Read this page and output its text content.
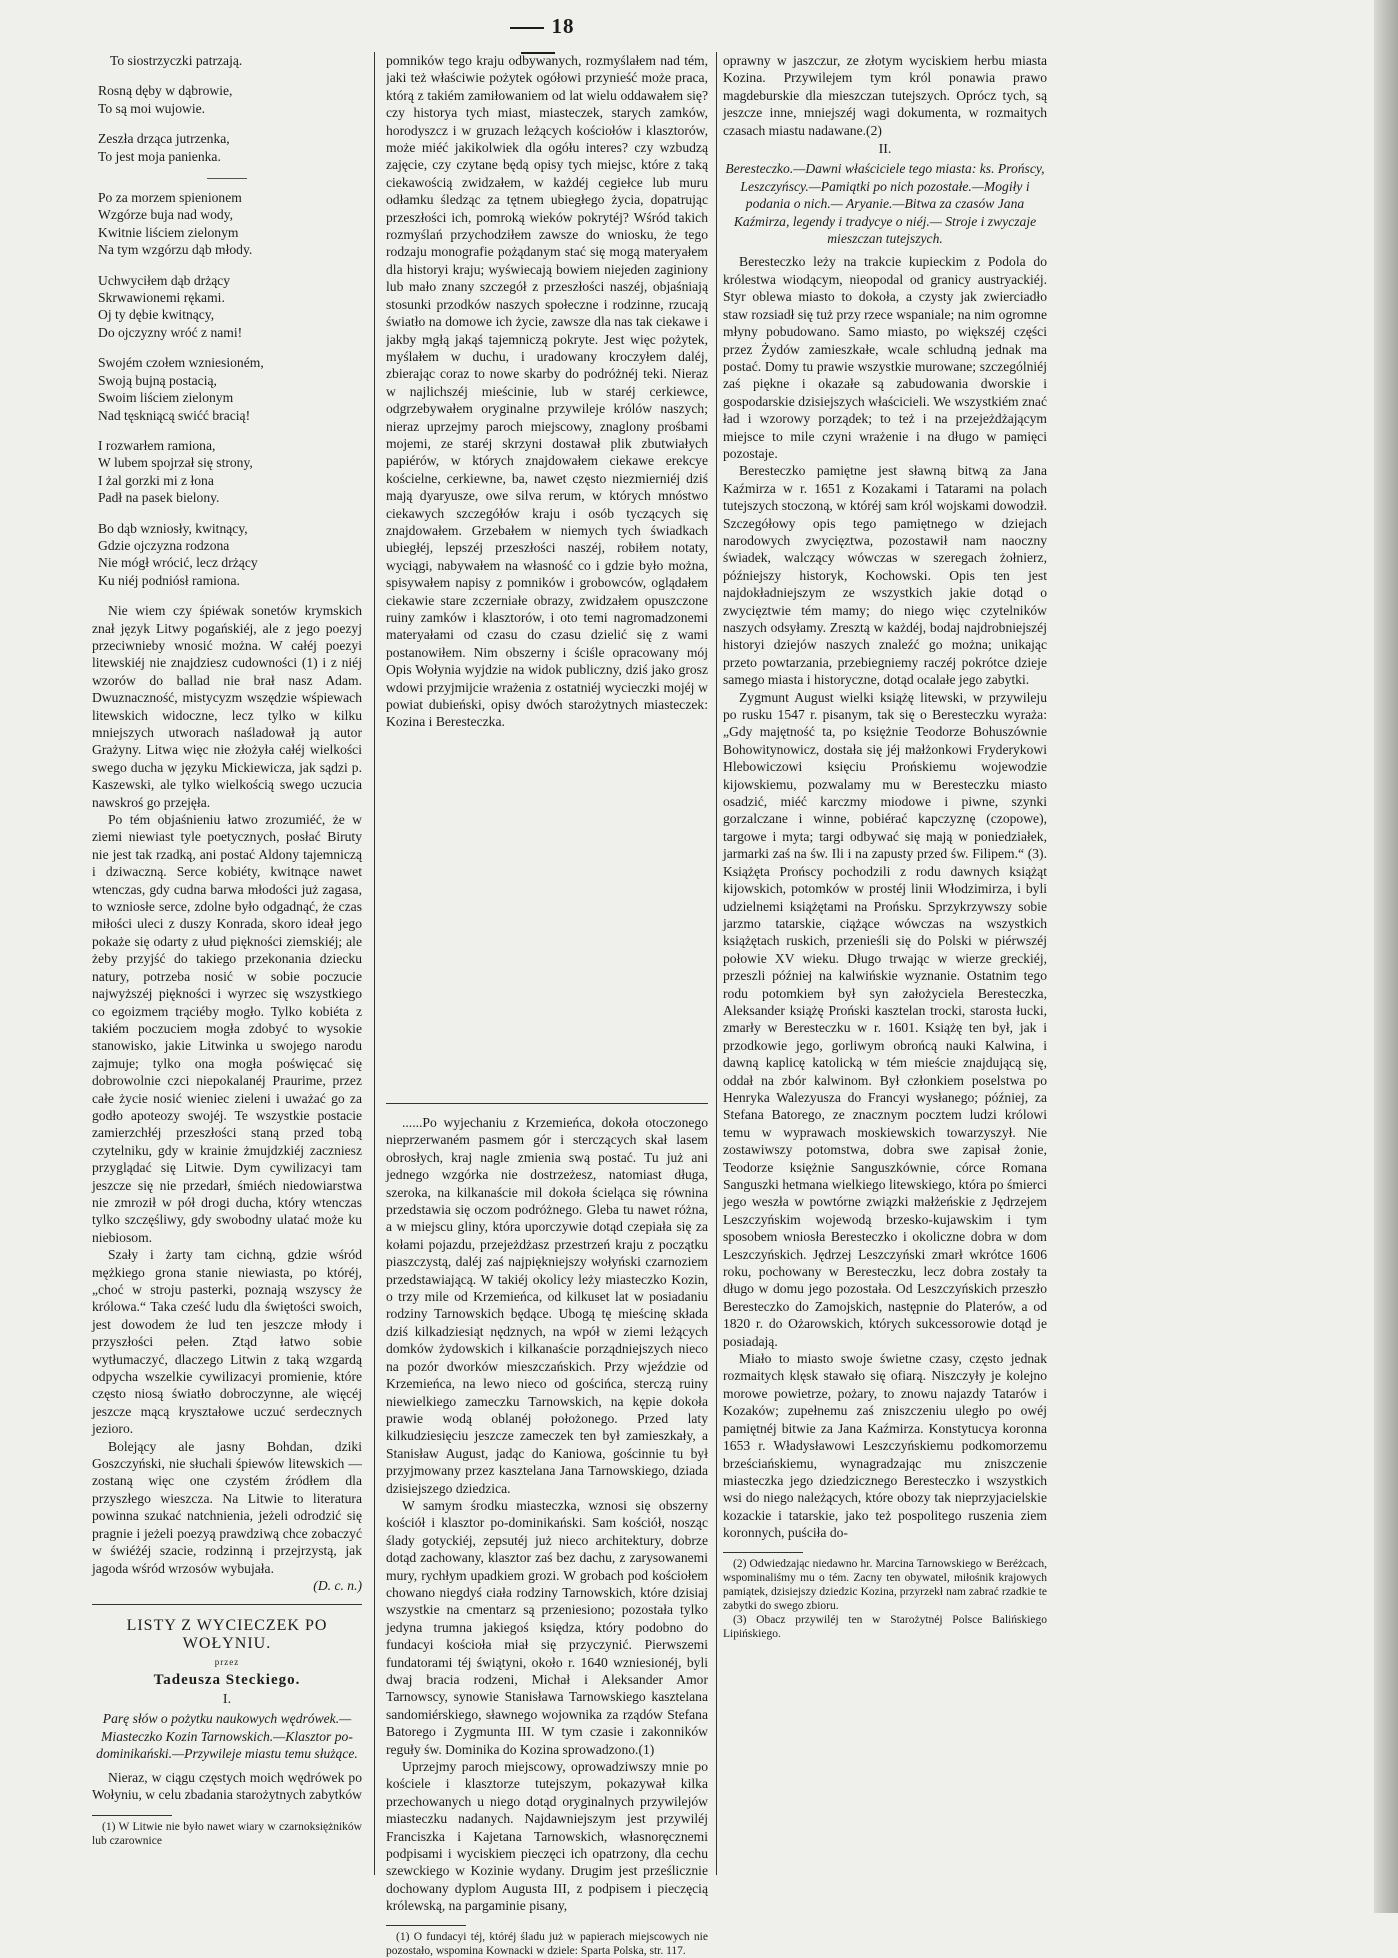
18
To siostrzyczki patrzają.
Rosną dęby w dąbrowie,
To są moi wujowie.
Zeszła drząca jutrzenka,
To jest moja panienka.
Po za morzem spienionem
Wzgórze buja nad wody,
Kwitnie liściem zielonym
Na tym wzgórzu dąb młody.
Uchwyciłem dąb drżący
Skrwawionemi rękami.
Oj ty dębie kwitnący,
Do ojczyzny wróć z nami!
Swojém czołem wzniesioném,
Swoją bujną postacią,
Swoim liściem zielonym
Nad tęskniącą swićć bracią!
I rozwarłem ramiona,
W lubem spojrzał się strony,
I żal gorzki mi z łona
Padł na pasek bielony.
Bo dąb wzniosły, kwitnący,
Gdzie ojczyzna rodzona
Nie mógł wrócić, lecz drżący
Ku niéj podniósł ramiona.

Nie wiem czy śpiéwak sonetów krymskich znał język Litwy pogańskiéj, ale z jego poezyj przeciwnieby wnosić można. W całéj poezyi litewskiéj nie znajdziesz cudowności (1) i z niéj wzorów do ballad nie brał nasz Adam. Dwuznaczność, mistycyzm wszędzie wśpiewach litewskich widoczne, lecz tylko w kilku mniejszych utworach naśladował ją autor Grażyny. Litwa więc nie złożyła całéj wielkości swego ducha w języku Mickiewicza, jak sądzi p. Kaszewski, ale tylko wielkością swego uczucia nawskroś go przejęła.

Po tém objaśnieniu łatwo zrozumiéć, że w ziemi niewiast tyle poetycznych, posłać Biruty nie jest tak rzadką, ani postać Aldony tajemniczą i dziwaczną. Serce kobiéty, kwitnące nawet wtenczas, gdy cudna barwa młodości już zagasa, to wzniosłe serce, zdolne było odgadnąć, że czas miłości uleci z duszy Konrada, skoro ideał jego pokaże się odarty z ułud piękności ziemskiéj; ale żeby przyjść do takiego przekonania dziecku natury, potrzeba nosić w sobie poczucie najwyższéj piękności i wyrzec się wszystkiego co egoizmem trąciéby mogło. Tylko kobiéta z takiém poczuciem mogła zdobyć to wysokie stanowisko, jakie Litwinka u swojego narodu zajmuje; tylko ona mogła poświęcać się dobrowolnie czci niepokalanéj Praurime, przez całe życie nosić wieniec zieleni i uważać go za godło apoteozy swojéj. Te wszystkie postacie zamierzchłéj przeszłości staną przed tobą czytelniku, gdy w krainie żmujdzkiéj zaczniesz przyglądać się Litwie. Dym cywilizacyi tam jeszcze się nie przedarł, śmiéch niedowiarstwa nie zmroził w pół drogi ducha, który wtenczas tylko szczęśliwy, gdy swobodny ulatać może ku niebiosom.

Szały i żarty tam cichną, gdzie wśród mężkiego grona stanie niewiasta, po któréj, „choć w stroju pasterki, poznają wszyscy że królowa.“ Taka cześć ludu dla świętości swoich, jest dowodem że lud ten jeszcze młody i przyszłości pełen. Ztąd łatwo sobie wytłumaczyć, dlaczego Litwin z taką wzgardą odpycha wszelkie cywilizacyi promienie, które często niosą światło dobroczynne, ale więcéj jeszcze mącą kryształowe uczuć serdecznych jezioro.

Bolejący ale jasny Bohdan, dziki Goszczyński, nie słuchali śpiewów litewskich — zostaną więc one czystém źródłem dla przyszłego wieszcza. Na Litwie to literatura powinna szukać natchnienia, jeżeli odrodzić się pragnie i jeżeli poezyą prawdziwą chce zobaczyć w świéżéj szacie, rodzinną i przejrzystą, jak jagoda wśród wrzosów wybujała.

(D. c. n.)
LISTY Z WYCIECZEK PO WOŁYNIU.
przez
Tadeusza Steckiego.
I.
Parę słów o pożytku naukowych wędrówek.—Miasteczko Kozin Tarnowskich.—Klasztor po-dominikański.—Przywileje miastu temu służące.

Nieraz, w ciągu częstych moich wędrówek po Wołyniu, w celu zbadania starożytnych zabytków

(1) W Litwie nie było nawet wiary w czarnoksiężników lub czarownice

pomników tego kraju odbywanych, rozmyślałem nad tém, jaki też właściwie pożytek ogółowi przynieść może praca, którą z takiém zamiłowaniem od lat wielu oddawałem się? czy historya tych miast, miasteczek, starych zamków, horodyszcz i w gruzach leżących kościołów i klasztorów, może miéć jakikolwiek dla ogółu interes? czy wzbudzą zajęcie, czy czytane będą opisy tych miejsc, które z taką ciekawością zwidzałem, w każdéj cegiełce lub muru odłamku śledząc za tętnem ubiegłego życia, dopatrując przeszłości ich, pomroką wieków pokrytéj? Wśród takich rozmyślań przychodziłem zawsze do wniosku, że tego rodzaju monografie pożądanym stać się mogą materyałem dla historyi kraju; wyświecają bowiem niejeden zaginiony lub mało znany szczegół z przeszłości naszéj, objaśniają stosunki przodków naszych społeczne i rodzinne, rzucają światło na domowe ich życie, zawsze dla nas tak ciekawe i jakby mgłą jakąś tajemniczą pokryte. Jest więc pożytek, myślałem w duchu, i uradowany kroczyłem daléj, zbierając coraz to nowe skarby do podróżnéj teki. Nieraz w najlichszéj mieścinie, lub w staréj cerkiewce, odgrzebywałem oryginalne przywileje królów naszych; nieraz uprzejmy paroch miejscowy, znaglony prośbami mojemi, ze staréj skrzyni dostawał plik zbutwiałych papiérów, w których znajdowałem ciekawe erekcye kościelne, cerkiewne, ba, nawet często niezmierniéj dziś mają dyaryusze, owe silva rerum, w których mnóstwo ciekawych szczegółów kraju i osób tyczących się znajdowałem. Grzebałem w niemych tych świadkach ubiegłéj, lepszéj przeszłości naszéj, robiłem notaty, wyciągi, nabywałem na własność co i gdzie było można, spisywałem napisy z pomników i grobowców, oglądałem ciekawie stare zczerniałe obrazy, zwidzałem opuszczone ruiny zamków i klasztorów, i oto temi nagromadzonemi materyałami od czasu do czasu dzielić się z wami postanowiłem. Nim obszerny i ściśle opracowany mój Opis Wołynia wyjdzie na widok publiczny, dziś jako grosz wdowi przyjmijcie wrażenia z ostatniéj wycieczki mojéj w powiat dubieński, opisy dwóch starożytnych miasteczek: Kozina i Beresteczka.

......Po wyjechaniu z Krzemieńca, dokoła otoczonego nieprzerwaném pasmem gór i sterczących skał lasem obrosłych, kraj nagle zmienia swą postać. Tu już ani jednego wzgórka nie dostrzeżesz, natomiast długa, szeroka, na kilkanaście mil dokoła ścieląca się równina przedstawia się oczom podróżnego. Gleba tu nawet różna, a w miejscu gliny, która uporczywie dotąd czepiała się za kołami pojazdu, przejeżdżasz przestrzeń kraju z początku piaszczystą, daléj zaś najpiękniejszy wołyński czarnoziem przedstawiającą. W takiéj okolicy leży miasteczko Kozin, o trzy mile od Krzemieńca, od kilkuset lat w posiadaniu rodziny Tarnowskich będące. Ubogą tę mieścinę składa dziś kilkadziesiąt nędznych, na wpół w ziemi leżących domków żydowskich i kilkanaście porządniejszych nieco na pozór dworków mieszczańskich. Przy wjeździe od Krzemieńca, na lewo nieco od gościńca, sterczą ruiny niewielkiego zameczku Tarnowskich, na kępie dokoła prawie wodą oblanéj położonego. Przed laty kilkudziesięciu jeszcze zameczek ten był zamieszkały, a Stanisław August, jadąc do Kaniowa, gościnnie tu był przyjmowany przez kasztelana Jana Tarnowskiego, dziada dzisiejszego dziedzica.

W samym środku miasteczka, wznosi się obszerny kościół i klasztor po-dominikański. Sam kościół, nosząc ślady gotyckiéj, zepsutéj już nieco architektury, dobrze dotąd zachowany, klasztor zaś bez dachu, z zarysowanemi mury, rychłym upadkiem grozi. W grobach pod kościołem chowano niegdyś ciała rodziny Tarnowskich, które dzisiaj wszystkie na cmentarz są przeniesiono; pozostała tylko jedyna trumna jakiegoś księdza, który podobno do fundacyi kościoła miał się przyczynić. Pierwszemi fundatorami téj świątyni, około r. 1640 wzniesionéj, byli dwaj bracia rodzeni, Michał i Aleksander Amor Tarnowscy, synowie Stanisława Tarnowskiego kasztelana sandomiérskiego, sławnego wojownika za rządów Stefana Batorego i Zygmunta III. W tym czasie i zakonników reguły św. Dominika do Kozina sprowadzono.(1)

Uprzejmy paroch miejscowy, oprowadziwszy mnie po kościele i klasztorze tutejszym, pokazywał kilka przechowanych u niego dotąd oryginalnych przywilejów miasteczku nadanych. Najdawniejszym jest przywiléj Franciszka i Kajetana Tarnowskich, własnoręcznemi podpisami i wyciskiem pieczęci ich opatrzony, dla cechu szewckiego w Kozinie wydany. Drugim jest prześlicznie dochowany dyplom Augusta III, z podpisem i pieczęcią królewską, na pargaminie pisany,

(1) O fundacyi téj, któréj śladu już w papierach miejscowych nie pozostało, wspomina Kownacki w dziele: Sparta Polska, str. 117.

oprawny w jaszczur, ze złotym wyciskiem herbu miasta Kozina. Przywilejem tym król ponawia prawo magdeburskie dla mieszczan tutejszych. Oprócz tych, są jeszcze inne, mniejszéj wagi dokumenta, w rozmaitych czasach miastu nadawane.(2)

II.
Beresteczko.—Dawni właściciele tego miasta: ks. Prońscy, Leszczyńscy.—Pamiątki po nich pozostałe.—Mogiły i podania o nich.— Aryanie.—Bitwa za czasów Jana Kaźmirza, legendy i tradycye o niéj.— Stroje i zwyczaje mieszczan tutejszych.

Beresteczko leży na trakcie kupieckim z Podola do królestwa wiodącym, nieopodal od granicy austryackiéj. Styr oblewa miasto to dokoła, a czysty jak zwierciadło staw rozsiadł się tuż przy rzece wspaniale; na nim ogromne młyny pobudowano. Samo miasto, po większéj części przez Żydów zamieszkałe, wcale schludną jednak ma postać. Domy tu prawie wszystkie murowane; szczególniéj zaś piękne i okazałe są zabudowania dworskie i gospodarskie dzisiejszych właścicieli. We wszystkiém znać ład i wzorowy porządek; to też i na przejeżdżającym miejsce to mile czyni wrażenie i na długo w pamięci pozostaje.

Beresteczko pamiętne jest sławną bitwą za Jana Kaźmirza w r. 1651 z Kozakami i Tatarami na polach tutejszych stoczoną, w któréj sam król wojskami dowodził. Szczegółowy opis tego pamiętnego w dziejach narodowych zwycięztwa, pozostawił nam naoczny świadek, walczący wówczas w szeregach żołnierz, późniejszy historyk, Kochowski. Opis ten jest najdokładniejszym ze wszystkich jakie dotąd o zwycięztwie tém mamy; do niego więc czytelników naszych odsyłamy. Zresztą w każdéj, bodaj najdrobniejszéj historyi dziejów naszych znaleźć go można; unikając przeto powtarzania, przebiegniemy raczéj pokrótce dzieje samego miasta i historyczne, dotąd ocalałe jego zabytki.

Zygmunt August wielki książę litewski, w przywileju po rusku 1547 r. pisanym, tak się o Beresteczku wyraża: „Gdy majętność ta, po księżnie Teodorze Bohuszównie Bohowitynowicz, dostała się jéj małżonkowi Fryderykowi Hlebowiczowi księciu Prońskiemu wojewodzie kijowskiemu, pozwalamy mu w Beresteczku miasto osadzić, miéć karczmy miodowe i piwne, szynki gorzalczane i winne, pobiérać kapczyznę (czopowe), targowe i myta; targi odbywać się mają w poniedziałek, jarmarki zaś na św. Ili i na zapusty przed św. Filipem.“ (3). Książęta Prońscy pochodzili z rodu dawnych książąt kijowskich, potomków w prostéj linii Włodzimirza, i byli udzielnemi książętami na Prońsku. Sprzykrzywszy sobie jarzmo tatarskie, ciążące wówczas na wszystkich książętach ruskich, przenieśli się do Polski w piérwszéj połowie XV wieku. Długo trwając w wierze greckiéj, przeszli później na kalwińskie wyznanie. Ostatnim tego rodu potomkiem był syn założyciela Beresteczka, Aleksander książę Proński kasztelan trocki, starosta łucki, zmarły w Beresteczku w r. 1601. Książę ten był, jak i przodkowie jego, gorliwym obrońcą nauki Kalwina, i dawną kaplicę katolicką w tém mieście znajdującą się, oddał na zbór kalwinom. Był członkiem poselstwa po Henryka Walezyusza do Francyi wysłanego; później, za Stefana Batorego, ze znacznym pocztem ludzi królowi temu w wyprawach moskiewskich towarzyszył. Nie zostawiwszy potomstwa, dobra swe zapisał żonie, Teodorze księżnie Sanguszkównie, córce Romana Sanguszki hetmana wielkiego litewskiego, która po śmierci jego weszła w powtórne związki małżeńskie z Jędrzejem Leszczyńskim wojewodą brzesko-kujawskim i tym sposobem wniosła Beresteczko i okoliczne dobra w dom Leszczyńskich. Jędrzej Leszczyński zmarł wkrótce 1606 roku, pochowany w Beresteczku, lecz dobra zostały ta długo w domu jego pozostała. Od Leszczyńskich przeszło Beresteczko do Zamojskich, następnie do Platerów, a od 1820 r. do Ożarowskich, których sukcessorowie dotąd je posiadają.

Miało to miasto swoje świetne czasy, często jednak rozmaitych klęsk stawało się ofiarą. Niszczyły je kolejno morowe powietrze, pożary, to znowu najazdy Tatarów i Kozaków; zupełnemu zaś zniszczeniu uległo po owéj pamiętnéj bitwie za Jana Kaźmirza. Konstytucya koronna 1653 r. Władysławowi Leszczyńskiemu podkomorzemu brześciańskiemu, wynagradzając mu zniszczenie miasteczka jego dziedzicznego Beresteczko i wszystkich wsi do niego należących, które obozy tak nieprzyjacielskie kozackie i tatarskie, jako też pospolitego ruszenia ziem koronnych, puściła do-

(2) Odwiedzając niedawno hr. Marcina Tarnowskiego w Beréżcach, wspominaliśmy mu o tém. Zacny ten obywatel, miłośnik krajowych pamiątek, dzisiejszy dziedzic Kozina, przyrzekł nam zabrać rzadkie te zabytki do swego zbioru.

(3) Obacz przywiléj ten w Starożytnéj Polsce Balińskiego Lipińskiego.
